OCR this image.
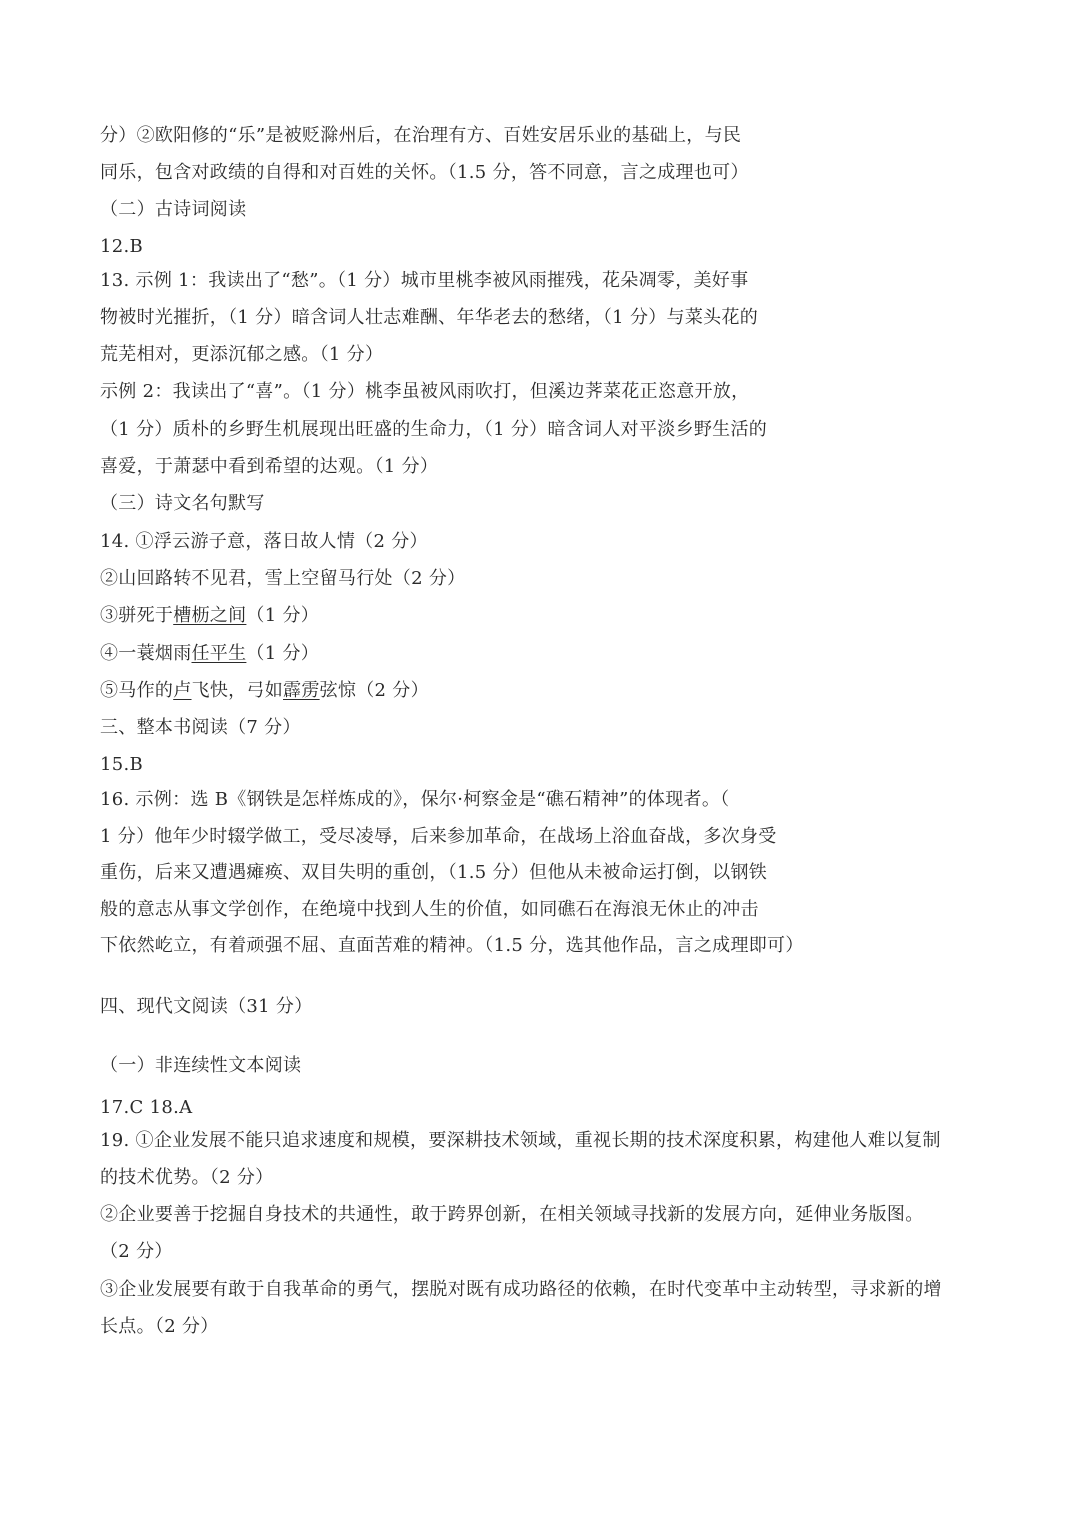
分）②欧阳修的“乐”是被贬滁州后，在治理有方、百姓安居乐业的基础上，与民
同乐，包含对政绩的自得和对百姓的关怀。（1.5 分，答不同意，言之成理也可）
（二）古诗词阅读
12.B
13. 示例 1：我读出了“愁”。（1 分）城市里桃李被风雨摧残，花朵凋零，美好事
物被时光摧折，（1 分）暗含词人壮志难酬、年华老去的愁绪，（1 分）与菜头花的
荒芜相对，更添沉郁之感。（1 分）
示例 2：我读出了“喜”。（1 分）桃李虽被风雨吹打，但溪边荠菜花正恣意开放，
（1 分）质朴的乡野生机展现出旺盛的生命力，（1 分）暗含词人对平淡乡野生活的
喜爱，于萧瑟中看到希望的达观。（1 分）
（三）诗文名句默写
14. ①浮云游子意，落日故人情（2 分）
②山回路转不见君，雪上空留马行处（2 分）
③骈死于槽枥之间（1 分）
④一蓑烟雨任平生（1 分）
⑤马作的卢飞快，弓如霹雳弦惊（2 分）
三、整本书阅读（7 分）
15.B
16. 示例：选 B《钢铁是怎样炼成的》，保尔·柯察金是“礁石精神”的体现者。（
1 分）他年少时辍学做工，受尽凌辱，后来参加革命，在战场上浴血奋战，多次身受
重伤，后来又遭遇瘫痪、双目失明的重创，（1.5 分）但他从未被命运打倒，以钢铁
般的意志从事文学创作，在绝境中找到人生的价值，如同礁石在海浪无休止的冲击
下依然屹立，有着顽强不屈、直面苦难的精神。（1.5 分，选其他作品，言之成理即可）
四、现代文阅读（31 分）
（一）非连续性文本阅读
17.C 18.A
19. ①企业发展不能只追求速度和规模，要深耕技术领域，重视长期的技术深度积累，构建他人难以复制
的技术优势。（2 分）
②企业要善于挖掘自身技术的共通性，敢于跨界创新，在相关领域寻找新的发展方向，延伸业务版图。
（2 分）
③企业发展要有敢于自我革命的勇气，摆脱对既有成功路径的依赖，在时代变革中主动转型，寻求新的增
长点。（2 分）
